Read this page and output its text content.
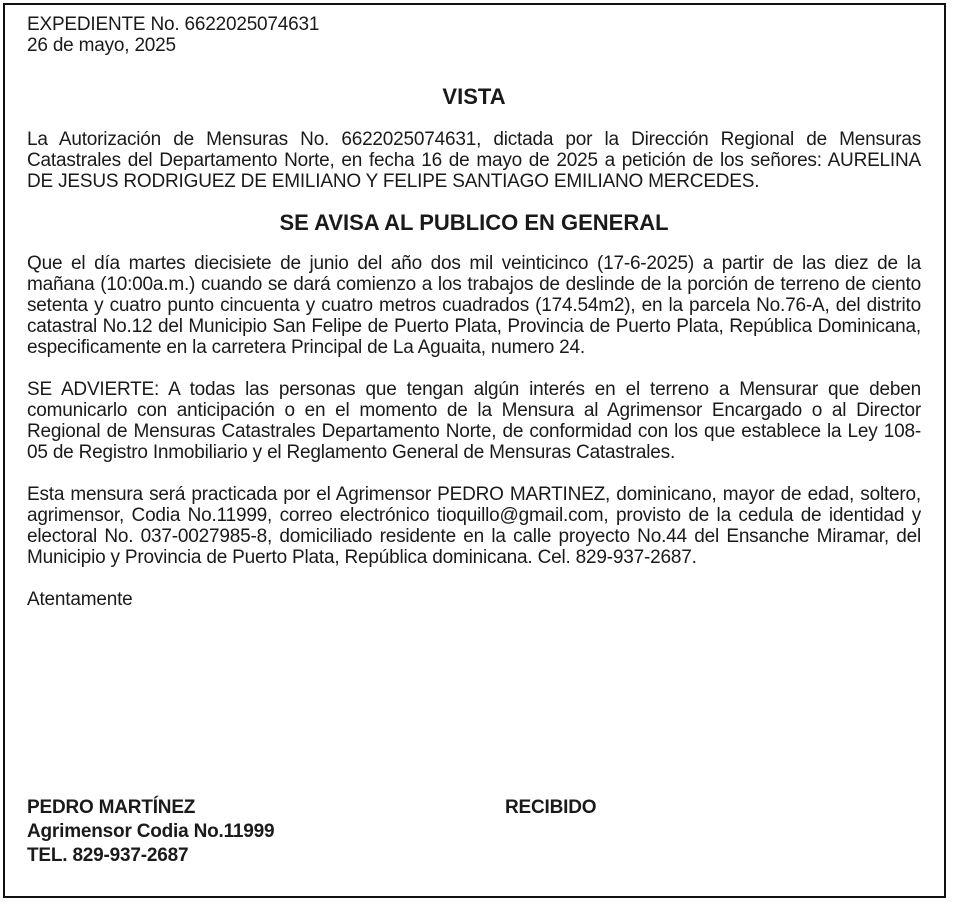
EXPEDIENTE No. 6622025074631
26 de mayo, 2025
VISTA

La Autorización de Mensuras No. 6622025074631, dictada por la Dirección Regional de Mensuras Catastrales del Departamento Norte, en fecha 16 de mayo de 2025 a petición de los señores: AURELINA DE JESUS RODRIGUEZ DE EMILIANO Y FELIPE SANTIAGO EMILIANO MERCEDES.

SE AVISA AL PUBLICO EN GENERAL

Que el día martes diecisiete de junio del año dos mil veinticinco (17-6-2025) a partir de las diez de la mañana (10:00a.m.) cuando se dará comienzo a los trabajos de deslinde de la porción de terreno de ciento setenta y cuatro punto cincuenta y cuatro metros cuadrados (174.54m2), en la parcela No.76-A, del distrito catastral No.12 del Municipio San Felipe de Puerto Plata, Provincia de Puerto Plata, República Dominicana, especificamente en la carretera Principal de La Aguaita, numero 24.

SE ADVIERTE: A todas las personas que tengan algún interés en el terreno a Mensurar que deben comunicarlo con anticipación o en el momento de la Mensura al Agrimensor Encargado o al Director Regional de Mensuras Catastrales Departamento Norte, de conformidad con los que establece la Ley 108-05 de Registro Inmobiliario y el Reglamento General de Mensuras Catastrales.

Esta mensura será practicada por el Agrimensor PEDRO MARTINEZ, dominicano, mayor de edad, soltero, agrimensor, Codia No.11999, correo electrónico tioquillo@gmail.com, provisto de la cedula de identidad y electoral No. 037-0027985-8, domiciliado residente en la calle proyecto No.44 del Ensanche Miramar, del Municipio y Provincia de Puerto Plata, República dominicana. Cel. 829-937-2687.

Atentamente

PEDRO MARTÍNEZ
Agrimensor Codia No.11999
TEL. 829-937-2687
RECIBIDO
